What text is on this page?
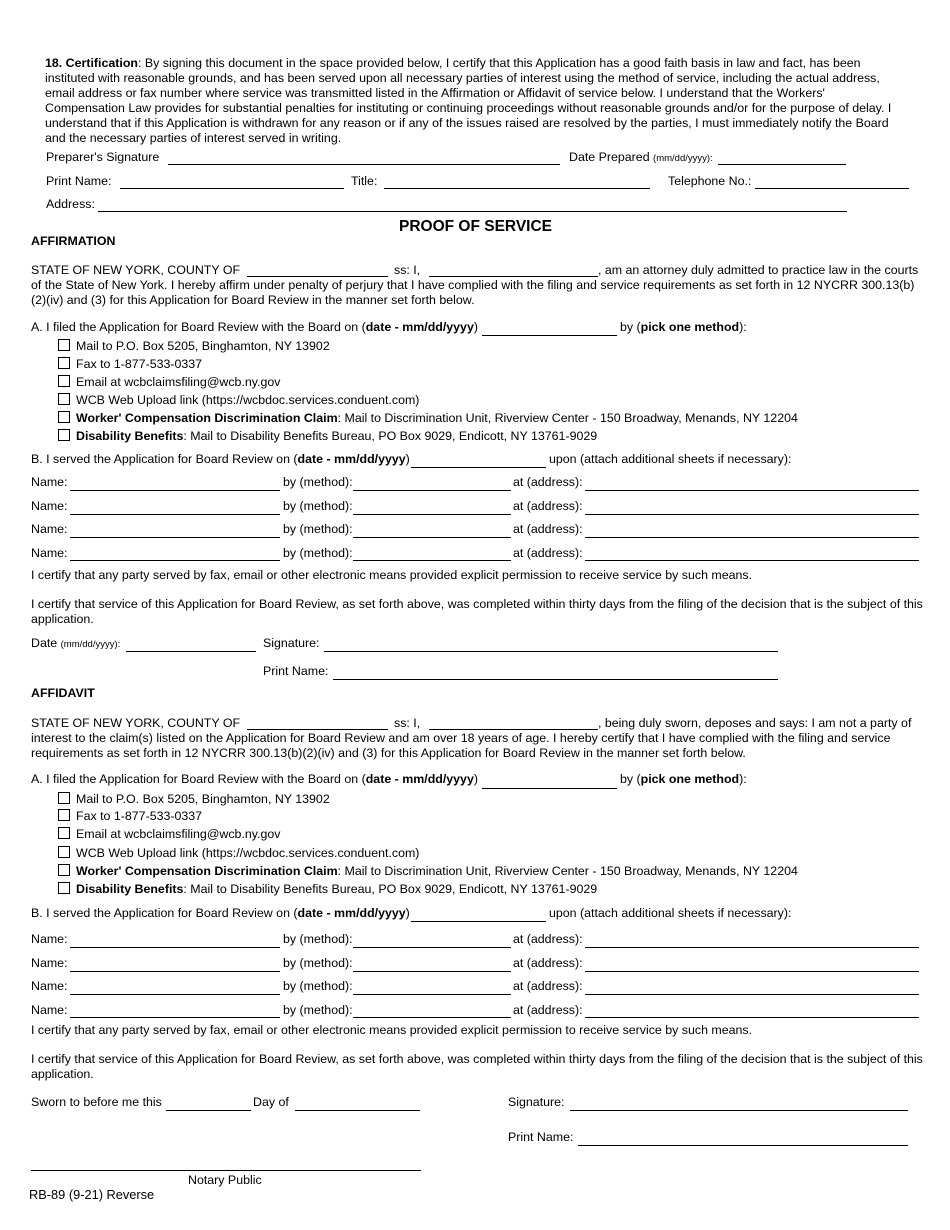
18. Certification: By signing this document in the space provided below, I certify that this Application has a good faith basis in law and fact, has been instituted with reasonable grounds, and has been served upon all necessary parties of interest using the method of service, including the actual address, email address or fax number where service was transmitted listed in the Affirmation or Affidavit of service below. I understand that the Workers' Compensation Law provides for substantial penalties for instituting or continuing proceedings without reasonable grounds and/or for the purpose of delay. I understand that if this Application is withdrawn for any reason or if any of the issues raised are resolved by the parties, I must immediately notify the Board and the necessary parties of interest served in writing.
Preparer's Signature	Date Prepared (mm/dd/yyyy):
Print Name:	Title:	Telephone No.:
Address:
PROOF OF SERVICE
AFFIRMATION
STATE OF NEW YORK, COUNTY OF	ss: I,	, am an attorney duly admitted to practice law in the courts
of the State of New York. I hereby affirm under penalty of perjury that I have complied with the filing and service requirements as set forth in 12 NYCRR 300.13(b)(2)(iv) and (3) for this Application for Board Review in the manner set forth below.
A. I filed the Application for Board Review with the Board on (date - mm/dd/yyyy)	by (pick one method):
Mail to P.O. Box 5205, Binghamton, NY 13902
Fax to 1-877-533-0337
Email at wcbclaimsfiling@wcb.ny.gov
WCB Web Upload link (https://wcbdoc.services.conduent.com)
Worker' Compensation Discrimination Claim: Mail to Discrimination Unit, Riverview Center - 150 Broadway, Menands, NY 12204
Disability Benefits: Mail to Disability Benefits Bureau, PO Box 9029, Endicott, NY 13761-9029
B. I served the Application for Board Review on (date - mm/dd/yyyy)	upon (attach additional sheets if necessary):
Name:	by (method):	at (address):
Name:	by (method):	at (address):
Name:	by (method):	at (address):
Name:	by (method):	at (address):
I certify that any party served by fax, email or other electronic means provided explicit permission to receive service by such means.
I certify that service of this Application for Board Review, as set forth above, was completed within thirty days from the filing of the decision that is the subject of this application.
Date (mm/dd/yyyy):	Signature:
Print Name:
AFFIDAVIT
STATE OF NEW YORK, COUNTY OF	ss: I,	, being duly sworn, deposes and says: I am not a party of
interest to the claim(s) listed on the Application for Board Review and am over 18 years of age. I hereby certify that I have complied with the filing and service requirements as set forth in 12 NYCRR 300.13(b)(2)(iv) and (3) for this Application for Board Review in the manner set forth below.
A. I filed the Application for Board Review with the Board on (date - mm/dd/yyyy)	by (pick one method):
Mail to P.O. Box 5205, Binghamton, NY 13902
Fax to 1-877-533-0337
Email at wcbclaimsfiling@wcb.ny.gov
WCB Web Upload link (https://wcbdoc.services.conduent.com)
Worker' Compensation Discrimination Claim: Mail to Discrimination Unit, Riverview Center - 150 Broadway, Menands, NY 12204
Disability Benefits: Mail to Disability Benefits Bureau, PO Box 9029, Endicott, NY 13761-9029
B. I served the Application for Board Review on (date - mm/dd/yyyy)	upon (attach additional sheets if necessary):
Name:	by (method):	at (address):
Name:	by (method):	at (address):
Name:	by (method):	at (address):
Name:	by (method):	at (address):
I certify that any party served by fax, email or other electronic means provided explicit permission to receive service by such means.
I certify that service of this Application for Board Review, as set forth above, was completed within thirty days from the filing of the decision that is the subject of this application.
Sworn to before me this	Day of	Signature:
Print Name:
Notary Public
RB-89 (9-21) Reverse
